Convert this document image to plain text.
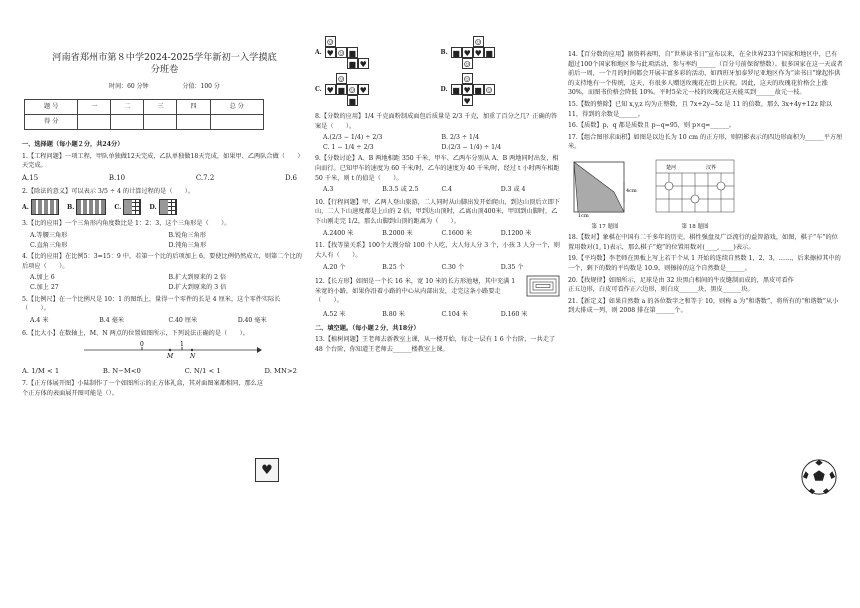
河南省郑州市第８中学2024-2025学年新初一入学摸底
分班卷
时间：60 分钟	分值：100 分
题 号	一	二	三	四	总 分
得 分					
一、选择题（每小题２分，共24分）
1.【工程问题】一项工程，甲队单独做12天完成，乙队单独做18天完成，如果甲、乙两队合做（　　）天完成。
A.15	B.10	C.7.2	D.6
2.【除法的意义】可以表示 3/5 ÷ 4 的计算过程的是（　　）。
A.	B.	C.	D.
3.【比的应用】一个三角形内角度数比是 1：2：3，这个三角形是（　　）。
A.等腰三角形	B.锐角三角形
C.直角三角形	D.钝角三角形
4.【比的应用】在比例5：3=15：9 中，若第一个比的后项加上 6，要使比例仍然成立，则第二个比的后项应（　　）。
A.加上 6	B.扩大到原来的 2 倍
C.加上 27	D.扩大到原来的 3 倍
5.【比例尺】在一个比例尺是 10：1 的图纸上，量得一个零件的长是 4 厘米，这个零件实际长（　　）。
A.4 米	B.4 毫米	C.40 厘米	D.40 毫米
6.【比大小】在数轴上，M、N 两点的位置如图所示，下列说法正确的是（　　）。
0	1
M	N
A. 1/M < 1	B. N−M<0	C. N/1 < 1	D. MN>2
7.【正方体展开图】小陆制作了一个如图所示的正方体礼盒，其对面图案都相同，那么这个正方体的表面展开图可能是（）。
♥
A.
☺
♥ ☺ ■
■ ♥
B.
☺
■ ♥ ♥ ■
☺
C.
☺
♥ ■ ☺ ♥
■
D.
☺
■ ♥ ■ ☺
♥
8.【分数的应用】1/4 千克面粉制成面包后质量是 2/3 千克，加重了百分之几？正确的答案是（　　）。
A.(2/3 − 1/4) ÷ 2/3	B. 2/3 ÷ 1/4
C. 1 − 1/4 ÷ 2/3	D.(2/3 − 1/4) ÷ 1/4
9.【分数讨论】A、B 两地相距 350 千米，甲车、乙两车分别从 A、B 两地同时出发，相向而行。已知甲车的速度为 60 千米/时，乙车的速度为 40 千米/时，经过 t 小时两车相距 50 千米，则 t 的值是（　　）。
A.3	B.3.5 或 2.5	C.4	D.3 或 4
10.【行程问题】甲、乙两人登山旅游，二人同时从山脚出发开始爬山，到达山顶后立即下山，二人下山速度都是上山的 2 倍，甲到达山顶时，乙离山顶400米，甲回到山脚时，乙下山刚走完 1/2，那么山脚到山顶的距离为（　　）。
A.2400 米	B.2000 米	C.1600 米	D.1200 米
11.【找等量关系】100个大馒分给 100 个人吃，大人每人分 3 个，小孩 3 人分一个，则大人有（　　）。
A.20 个	B.25 个	C.30 个	D.35 个
12.【长方形】如图是一个长 16 米，宽 10 米的长方形池塘，其中充满 1 米宽的小路，如果你沿着小路的中心从内部出发，走完这条小路要走（　　）。
A.52 米	B.80 米	C.104 米	D.160 米
二、填空题。（每小题２分，共18分）
13.【植树问题】王老师去新教室上课，从一楼开始，每走一层有 1 6 个台阶，一共走了 48 个台阶，你知道王老师去______楼教室上课。
14.【百分数的应用】据资料表明，自“世界读书日”宣布以来，在全世界233个国家和地区中，已有超过100个国家和地区参与此项活动，参与率约______（百分号前保留整数）。很多国家在这一天或者前后一周，一个月的时间都会开展丰富多彩的活动，如西班牙加泰罗尼亚地区作为“读书日”缘起作供的支持地有一个传统，这天，有很多人赠送玫瑰花在街上庆祝。因此，这天的玫瑰花价格会上涨30%，而图书价格会降低 10%。平时5朵元一枝的玫瑰花这天能买到______故元一枝。
15.【数的整除】已知 x,y,z 均为正整数，且 7x+2y−5z 是 11 的倍数，那么 3x+4y+12z 除以 11，得到的余数是______。
16.【质数】p，q 都是质数且 p−q=95，则 p×q=______。
17.【组合图形求面积】如图是以边长为 10 cm 的正方形，则阴影表示的四边形面积为______平方厘米。
4cm
1cm
第 17 题图
楚河	汉界
第 18 题图
18.【数对】象棋在中国有二千多年的历史，棋性强盘及广泛流行的益智游戏，如图，棋子“车”的位置用数对(1, 1)表示，那么棋子“炮”的位置用数对(____, ____)表示。
19.【平均数】李老师在黑板上写上若干个从 1 开始的连续自然数 1，2，3，……，后来擦掉其中的一个，剩下的数的平均数是 10.9，则擦掉的这个自然数是______。
20.【找规律】如图所示，足球是由 32 块黑白相间的牛皮缝制而成的，黑皮可看作正五边形，白皮可看作正六边形，则白皮______块，黑皮______块。
21.【新定义】如果自然数 a 的各位数字之和等于 10，则称 a 为“和谐数”，将所有的“和谐数”从小到大排成一列，则 2008 排在第______个。
